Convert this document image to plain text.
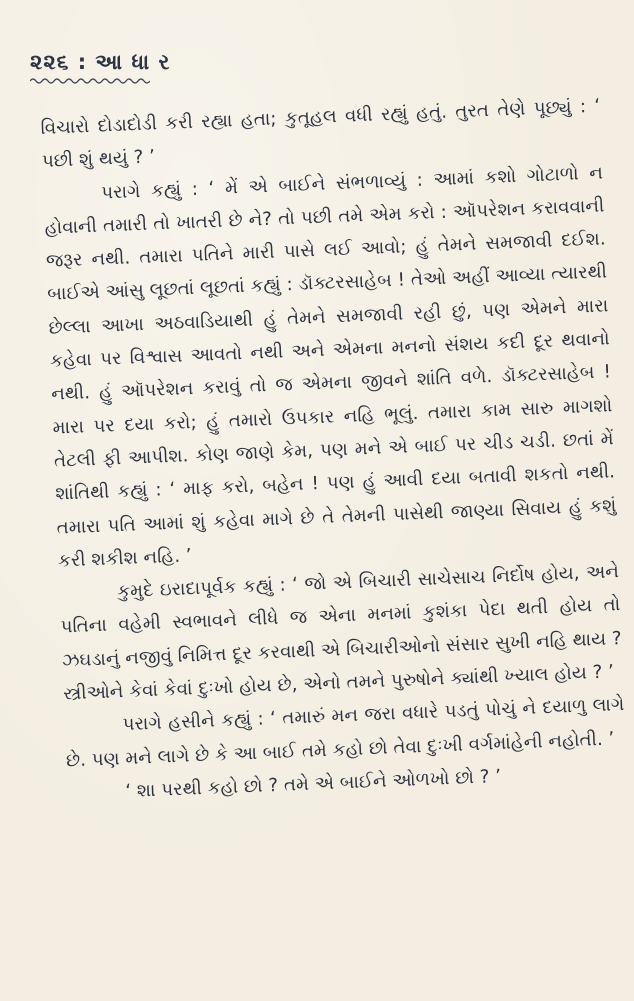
૨૨૬ : આ ધા ર

વિચારો દોડાદોડી કરી રહ્યા હતા; કુતૂહલ વધી રહ્યું હતું. તુરત તેણે પૂછ્યું : ‘ પછી શું થયું ? ’

પરાગે કહ્યું : ‘ મેં એ બાઈને સંભળાવ્યું : આમાં કશો ગોટાળો ન હોવાની તમારી તો ખાતરી છે ને? તો પછી તમે એમ કરો : ઑપરેશન કરાવવાની જરૂર નથી. તમારા પતિને મારી પાસે લઈ આવો; હું તેમને સમજાવી દઈશ. બાઈએ આંસુ લૂછતાં લૂછતાં કહ્યું : ડૉક્ટરસાહેબ ! તેઓ અહીં આવ્યા ત્યારથી છેલ્લા આખા અઠવાડિયાથી હું તેમને સમજાવી રહી છું, પણ એમને મારા કહેવા પર વિશ્વાસ આવતો નથી અને એમના મનનો સંશય કદી દૂર થવાનો નથી. હું ઑપરેશન કરાવું તો જ એમના જીવને શાંતિ વળે. ડૉક્ટરસાહેબ ! મારા પર દયા કરો; હું તમારો ઉપકાર નહિ ભૂલું. તમારા કામ સારુ માગશો તેટલી ફી આપીશ. કોણ જાણે કેમ, પણ મને એ બાઈ પર ચીડ ચડી. છતાં મેં શાંતિથી કહ્યું : ‘ માફ કરો, બહેન ! પણ હું આવી દયા બતાવી શકતો નથી. તમારા પતિ આમાં શું કહેવા માગે છે તે તેમની પાસેથી જાણ્યા સિવાય હું કશું કરી શકીશ નહિ. ’

કુમુદે ઇરાદાપૂર્વક કહ્યું : ‘ જો એ બિચારી સાચેસાચ નિર્દોષ હોય, અને પતિના વહેમી સ્વભાવને લીધે જ એના મનમાં કુશંકા પેદા થતી હોય તો ઝઘડાનું નજીવું નિમિત્ત દૂર કરવાથી એ બિચારીઓનો સંસાર સુખી નહિ થાય ? સ્ત્રીઓને કેવાં કેવાં દુઃખો હોય છે, એનો તમને પુરુષોને ક્યાંથી ખ્યાલ હોય ? ’

પરાગે હસીને કહ્યું : ‘ તમારું મન જરા વધારે પડતું પોચું ને દયાળુ લાગે છે. પણ મને લાગે છે કે આ બાઈ તમે કહો છો તેવા દુઃખી વર્ગમાંહેની નહોતી. ’

‘ શા પરથી કહો છો ? તમે એ બાઈને ઓળખો છો ? ’
